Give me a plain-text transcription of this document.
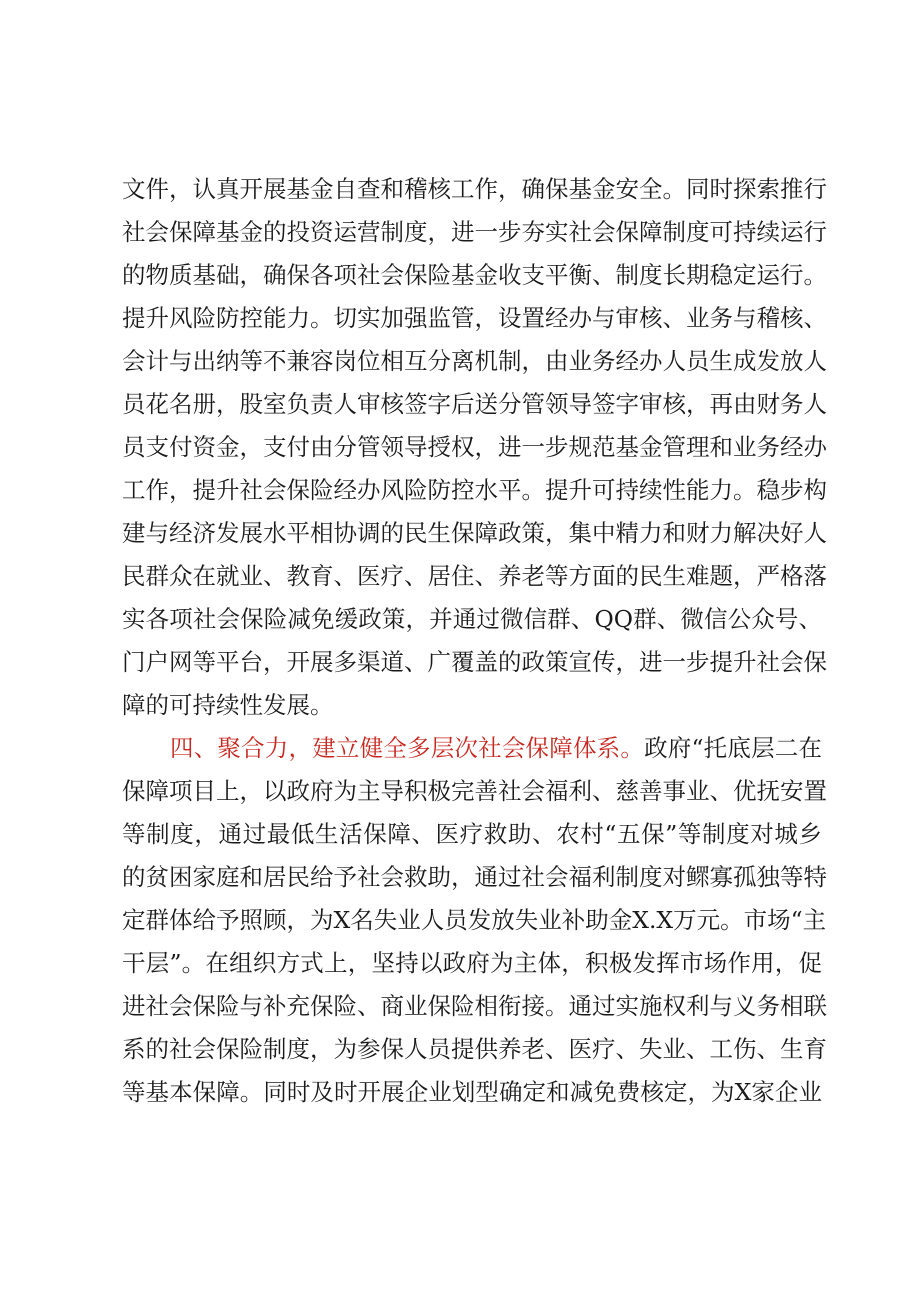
文件，认真开展基金自查和稽核工作，确保基金安全。同时探索推行
社会保障基金的投资运营制度，进一步夯实社会保障制度可持续运行
的物质基础，确保各项社会保险基金收支平衡、制度长期稳定运行。
提升风险防控能力。切实加强监管，设置经办与审核、业务与稽核、
会计与出纳等不兼容岗位相互分离机制，由业务经办人员生成发放人
员花名册，股室负责人审核签字后送分管领导签字审核，再由财务人
员支付资金，支付由分管领导授权，进一步规范基金管理和业务经办
工作，提升社会保险经办风险防控水平。提升可持续性能力。稳步构
建与经济发展水平相协调的民生保障政策，集中精力和财力解决好人
民群众在就业、教育、医疗、居住、养老等方面的民生难题，严格落
实各项社会保险减免缓政策，并通过微信群、QQ群、微信公众号、
门户网等平台，开展多渠道、广覆盖的政策宣传，进一步提升社会保
障的可持续性发展。
四、聚合力，建立健全多层次社会保障体系。政府“托底层二在
保障项目上，以政府为主导积极完善社会福利、慈善事业、优抚安置
等制度，通过最低生活保障、医疗救助、农村“五保”等制度对城乡
的贫困家庭和居民给予社会救助，通过社会福利制度对鳏寡孤独等特
定群体给予照顾，为X名失业人员发放失业补助金X.X万元。市场“主
干层”。在组织方式上，坚持以政府为主体，积极发挥市场作用，促
进社会保险与补充保险、商业保险相衔接。通过实施权利与义务相联
系的社会保险制度，为参保人员提供养老、医疗、失业、工伤、生育
等基本保障。同时及时开展企业划型确定和减免费核定，为X家企业
